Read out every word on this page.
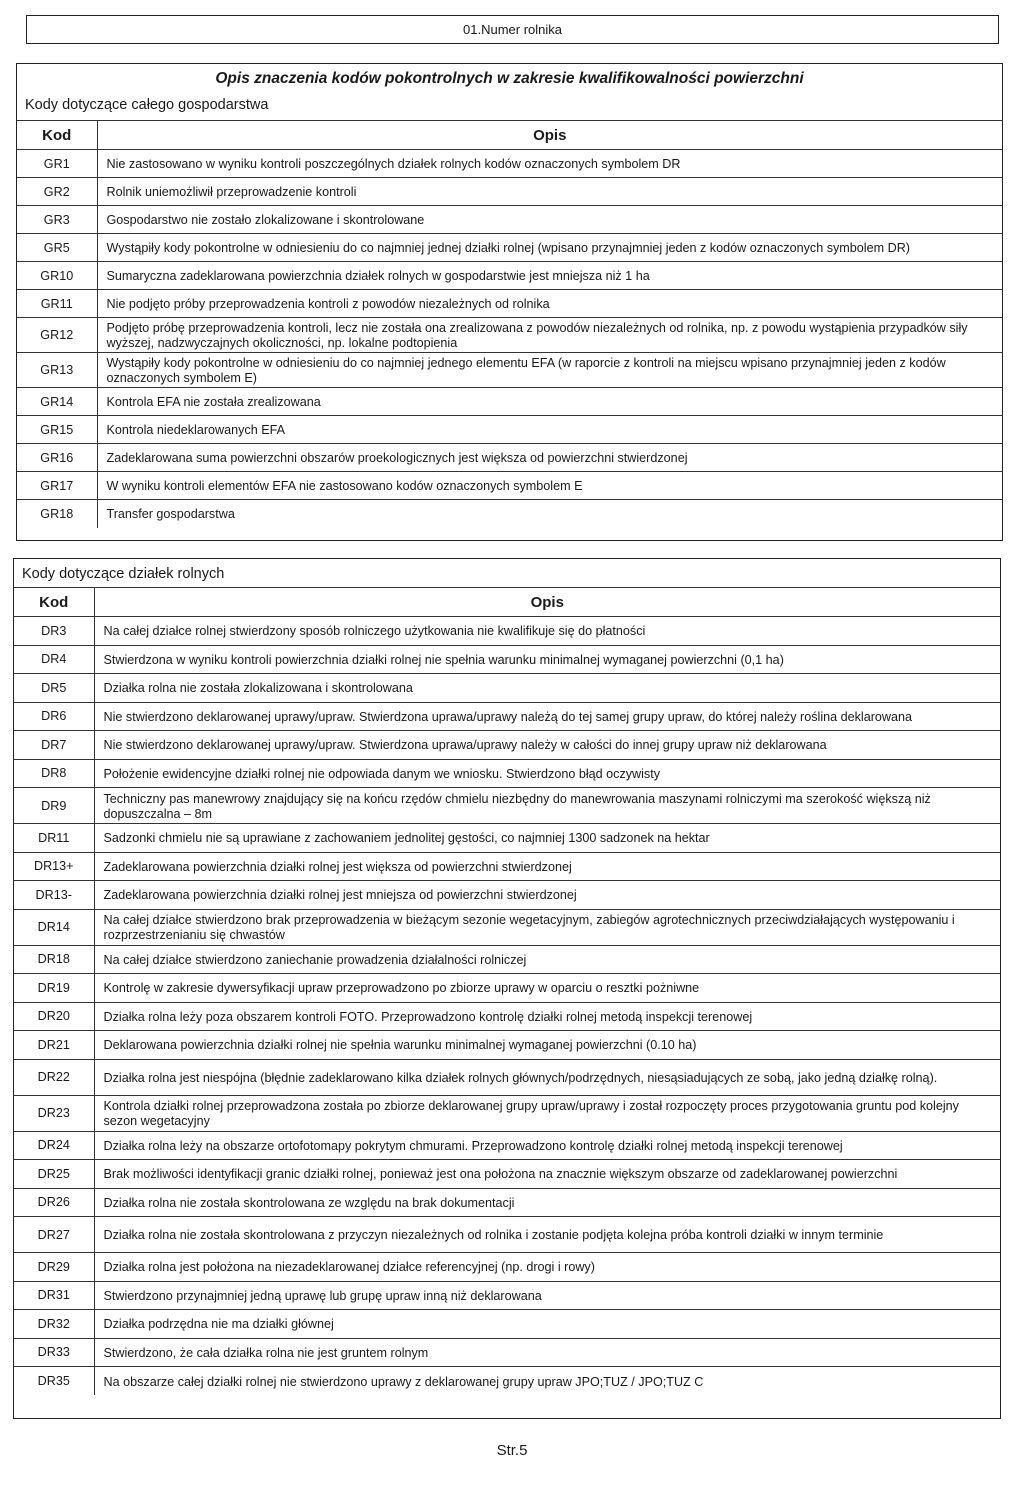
01.Numer rolnika
Opis znaczenia kodów pokontrolnych w zakresie kwalifikowalności powierzchni
Kody dotyczące całego gospodarstwa
Kod	Opis
GR1	Nie zastosowano w wyniku kontroli poszczególnych działek rolnych kodów oznaczonych symbolem DR
GR2	Rolnik uniemożliwił przeprowadzenie kontroli
GR3	Gospodarstwo nie zostało zlokalizowane i skontrolowane
GR5	Wystąpiły kody pokontrolne w odniesieniu do co najmniej jednej działki rolnej (wpisano przynajmniej jeden z kodów oznaczonych symbolem DR)
GR10	Sumaryczna zadeklarowana powierzchnia działek rolnych w gospodarstwie jest mniejsza niż 1 ha
GR11	Nie podjęto próby przeprowadzenia kontroli z powodów niezależnych od rolnika
GR12	Podjęto próbę przeprowadzenia kontroli, lecz nie została ona zrealizowana z powodów niezależnych od rolnika, np. z powodu wystąpienia przypadków siły wyższej, nadzwyczajnych okoliczności, np. lokalne podtopienia
GR13	Wystąpiły kody pokontrolne w odniesieniu do co najmniej jednego elementu EFA (w raporcie z kontroli na miejscu wpisano przynajmniej jeden z kodów oznaczonych symbolem E)
GR14	Kontrola EFA nie została zrealizowana
GR15	Kontrola niedeklarowanych EFA
GR16	Zadeklarowana suma powierzchni obszarów proekologicznych jest większa od powierzchni stwierdzonej
GR17	W wyniku kontroli elementów EFA nie zastosowano kodów oznaczonych symbolem E
GR18	Transfer gospodarstwa
Kody dotyczące działek rolnych
Kod	Opis
DR3	Na całej działce rolnej stwierdzony sposób rolniczego użytkowania nie kwalifikuje się do płatności
DR4	Stwierdzona w wyniku kontroli powierzchnia działki rolnej nie spełnia warunku minimalnej wymaganej powierzchni (0,1 ha)
DR5	Działka rolna nie została zlokalizowana i skontrolowana
DR6	Nie stwierdzono deklarowanej uprawy/upraw. Stwierdzona uprawa/uprawy należą do tej samej grupy upraw, do której należy roślina deklarowana
DR7	Nie stwierdzono deklarowanej uprawy/upraw. Stwierdzona uprawa/uprawy należy w całości do innej grupy upraw niż deklarowana
DR8	Położenie ewidencyjne działki rolnej nie odpowiada danym we wniosku. Stwierdzono błąd oczywisty
DR9	Techniczny pas manewrowy znajdujący się na końcu rzędów chmielu niezbędny do manewrowania maszynami rolniczymi ma szerokość większą niż dopuszczalna – 8m
DR11	Sadzonki chmielu nie są uprawiane z zachowaniem jednolitej gęstości, co najmniej 1300 sadzonek na hektar
DR13+	Zadeklarowana powierzchnia działki rolnej jest większa od powierzchni stwierdzonej
DR13-	Zadeklarowana powierzchnia działki rolnej jest mniejsza od powierzchni stwierdzonej
DR14	Na całej działce stwierdzono brak przeprowadzenia w bieżącym sezonie wegetacyjnym, zabiegów agrotechnicznych przeciwdziałających występowaniu i rozprzestrzenianiu się chwastów
DR18	Na całej działce stwierdzono zaniechanie prowadzenia działalności rolniczej
DR19	Kontrolę w zakresie dywersyfikacji upraw przeprowadzono po zbiorze uprawy w oparciu o resztki pożniwne
DR20	Działka rolna leży poza obszarem kontroli FOTO. Przeprowadzono kontrolę działki rolnej metodą inspekcji terenowej
DR21	Deklarowana powierzchnia działki rolnej nie spełnia warunku minimalnej wymaganej powierzchni (0.10 ha)
DR22	Działka rolna jest niespójna (błędnie zadeklarowano kilka działek rolnych głównych/podrzędnych, niesąsiadujących ze sobą, jako jedną działkę rolną).
DR23	Kontrola działki rolnej przeprowadzona została po zbiorze deklarowanej grupy upraw/uprawy i został rozpoczęty proces przygotowania gruntu pod kolejny sezon wegetacyjny
DR24	Działka rolna leży na obszarze ortofotomapy pokrytym chmurami. Przeprowadzono kontrolę działki rolnej metodą inspekcji terenowej
DR25	Brak możliwości identyfikacji granic działki rolnej, ponieważ jest ona położona na znacznie większym obszarze od zadeklarowanej powierzchni
DR26	Działka rolna nie została skontrolowana ze względu na brak dokumentacji
DR27	Działka rolna nie została skontrolowana z przyczyn niezależnych od rolnika i zostanie podjęta kolejna próba kontroli działki w innym terminie
DR29	Działka rolna jest położona na niezadeklarowanej działce referencyjnej (np. drogi i rowy)
DR31	Stwierdzono przynajmniej jedną uprawę lub grupę upraw inną niż deklarowana
DR32	Działka podrzędna nie ma działki głównej
DR33	Stwierdzono, że cała działka rolna nie jest gruntem rolnym
DR35	Na obszarze całej działki rolnej nie stwierdzono uprawy z deklarowanej grupy upraw JPO;TUZ / JPO;TUZ C
Str.5
